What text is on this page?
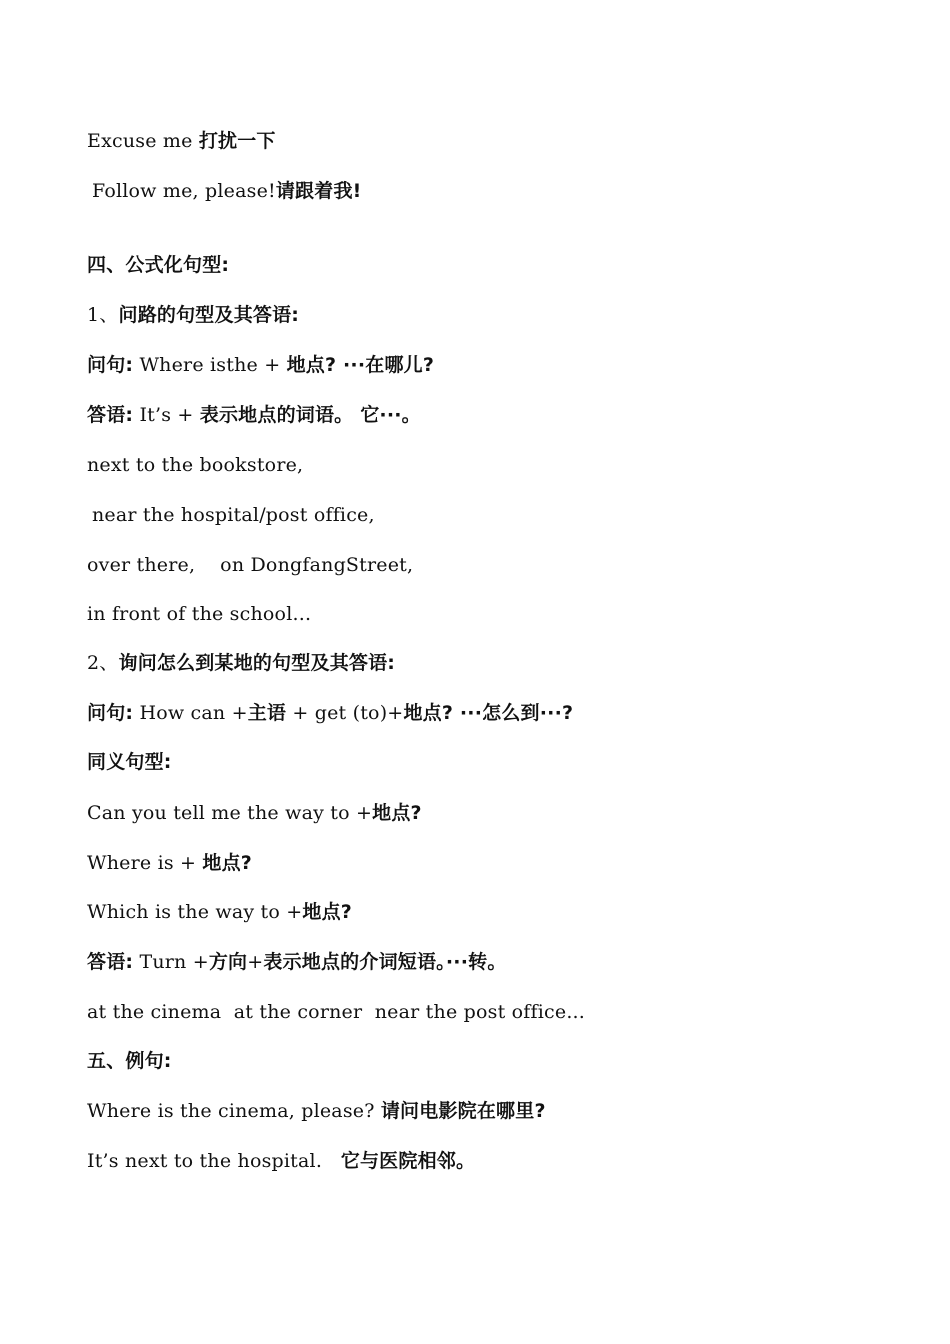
Excuse me 打扰一下
Follow me, please!请跟着我!
四、公式化句型:
1、问路的句型及其答语:
问句: Where isthe + 地点? ···在哪儿?
答语: It’s + 表示地点的词语。 它···。
next to the bookstore,
near the hospital/post office,
over there,    on DongfangStreet,
in front of the school...
2、询问怎么到某地的句型及其答语:
问句: How can +主语 + get (to)+地点? ···怎么到···?
同义句型:
Can you tell me the way to +地点?
Where is + 地点?
Which is the way to +地点?
答语: Turn +方向+表示地点的介词短语。···转。
at the cinema  at the corner  near the post office...
五、例句:
Where is the cinema, please? 请问电影院在哪里?
It’s next to the hospital.   它与医院相邻。
